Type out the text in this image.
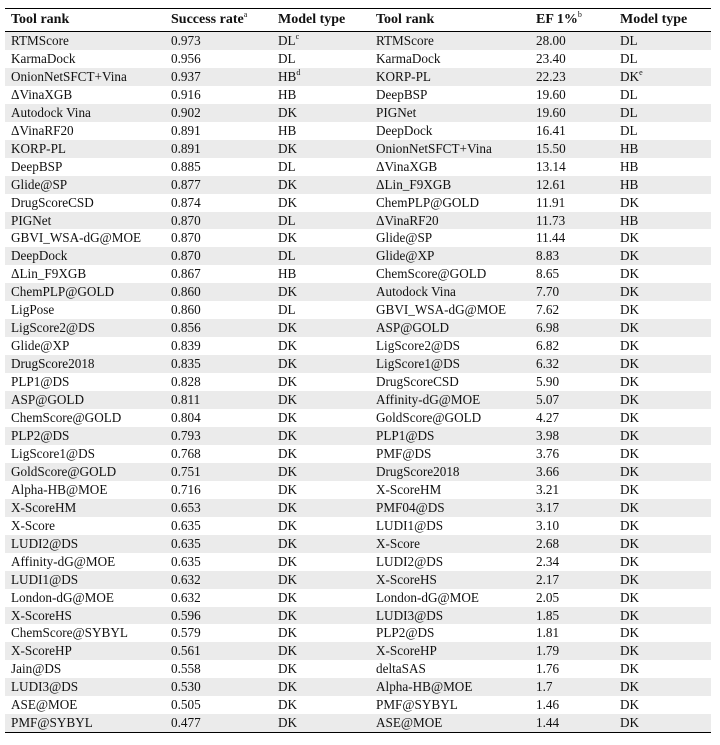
Tool rank	Success rate$^a$	Model type	Tool rank	EF 1%$^b$	Model type
RTMScore	0.973	$DL^c$	RTMScore	28.00	DL
KarmaDock	0.956	DL	KarmaDock	23.40	DL
OnionNetSFCT+Vina	0.937	$HB^d$	KORP-PL	22.23	$DK^e$
ΔVinaXGB	0.916	HB	DeepBSP	19.60	DL
Autodock Vina	0.902	DK	PIGNet	19.60	DL
ΔVinaRF20	0.891	HB	DeepDock	16.41	DL
KORP-PL	0.891	DK	OnionNetSFCT+Vina	15.50	HB
DeepBSP	0.885	DL	ΔVinaXGB	13.14	HB
Glide@SP	0.877	DK	ΔLin_F9XGB	12.61	HB
DrugScoreCSD	0.874	DK	ChemPLP@GOLD	11.91	DK
PIGNet	0.870	DL	ΔVinaRF20	11.73	HB
GBVI_WSA-dG@MOE	0.870	DK	Glide@SP	11.44	DK
DeepDock	0.870	DL	Glide@XP	8.83	DK
ΔLin_F9XGB	0.867	HB	ChemScore@GOLD	8.65	DK
ChemPLP@GOLD	0.860	DK	Autodock Vina	7.70	DK
LigPose	0.860	DL	GBVI_WSA-dG@MOE	7.62	DK
LigScore2@DS	0.856	DK	ASP@GOLD	6.98	DK
Glide@XP	0.839	DK	LigScore2@DS	6.82	DK
DrugScore2018	0.835	DK	LigScore1@DS	6.32	DK
PLP1@DS	0.828	DK	DrugScoreCSD	5.90	DK
ASP@GOLD	0.811	DK	Affinity-dG@MOE	5.07	DK
ChemScore@GOLD	0.804	DK	GoldScore@GOLD	4.27	DK
PLP2@DS	0.793	DK	PLP1@DS	3.98	DK
LigScore1@DS	0.768	DK	PMF@DS	3.76	DK
GoldScore@GOLD	0.751	DK	DrugScore2018	3.66	DK
Alpha-HB@MOE	0.716	DK	X-ScoreHM	3.21	DK
X-ScoreHM	0.653	DK	PMF04@DS	3.17	DK
X-Score	0.635	DK	LUDI1@DS	3.10	DK
LUDI2@DS	0.635	DK	X-Score	2.68	DK
Affinity-dG@MOE	0.635	DK	LUDI2@DS	2.34	DK
LUDI1@DS	0.632	DK	X-ScoreHS	2.17	DK
London-dG@MOE	0.632	DK	London-dG@MOE	2.05	DK
X-ScoreHS	0.596	DK	LUDI3@DS	1.85	DK
ChemScore@SYBYL	0.579	DK	PLP2@DS	1.81	DK
X-ScoreHP	0.561	DK	X-ScoreHP	1.79	DK
Jain@DS	0.558	DK	deltaSAS	1.76	DK
LUDI3@DS	0.530	DK	Alpha-HB@MOE	1.7	DK
ASE@MOE	0.505	DK	PMF@SYBYL	1.46	DK
PMF@SYBYL	0.477	DK	ASE@MOE	1.44	DK
